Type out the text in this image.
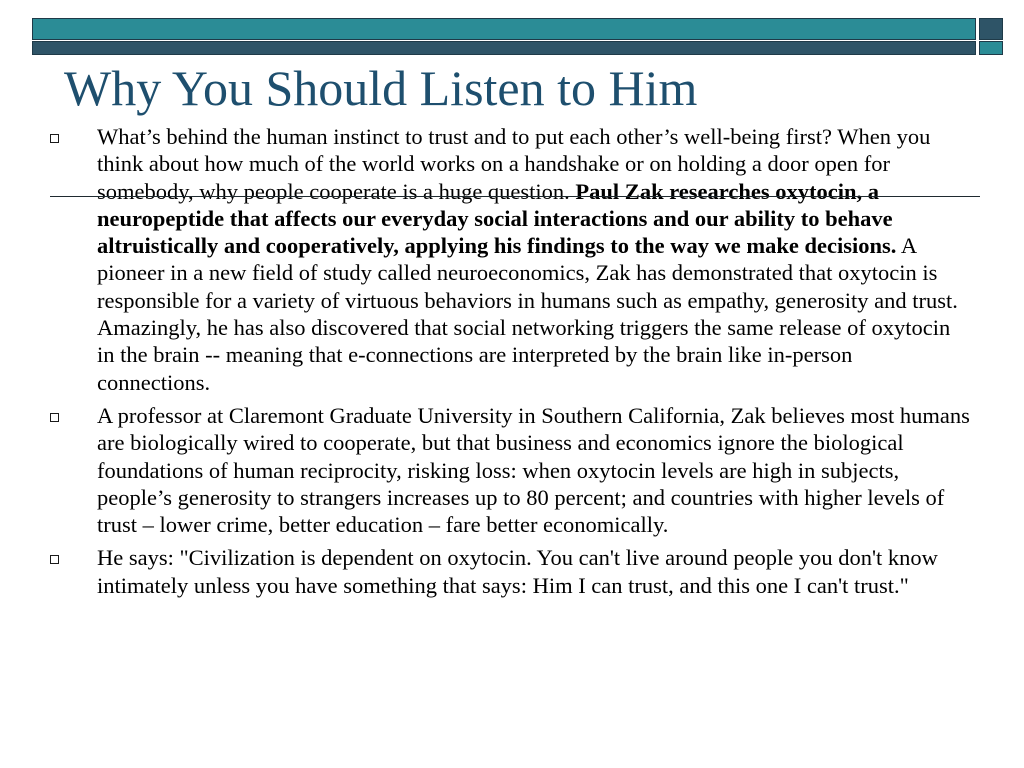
Why You Should Listen to Him
What’s behind the human instinct to trust and to put each other’s well-being first? When you think about how much of the world works on a handshake or on holding a door open for somebody, why people cooperate is a huge question. Paul Zak researches oxytocin, a neuropeptide that affects our everyday social interactions and our ability to behave altruistically and cooperatively, applying his findings to the way we make decisions. A pioneer in a new field of study called neuroeconomics, Zak has demonstrated that oxytocin is responsible for a variety of virtuous behaviors in humans such as empathy, generosity and trust. Amazingly, he has also discovered that social networking triggers the same release of oxytocin in the brain -- meaning that e-connections are interpreted by the brain like in-person connections.
A professor at Claremont Graduate University in Southern California, Zak believes most humans are biologically wired to cooperate, but that business and economics ignore the biological foundations of human reciprocity, risking loss: when oxytocin levels are high in subjects, people’s generosity to strangers increases up to 80 percent; and countries with higher levels of trust – lower crime, better education – fare better economically.
He says: "Civilization is dependent on oxytocin. You can't live around people you don't know intimately unless you have something that says: Him I can trust, and this one I can't trust."
